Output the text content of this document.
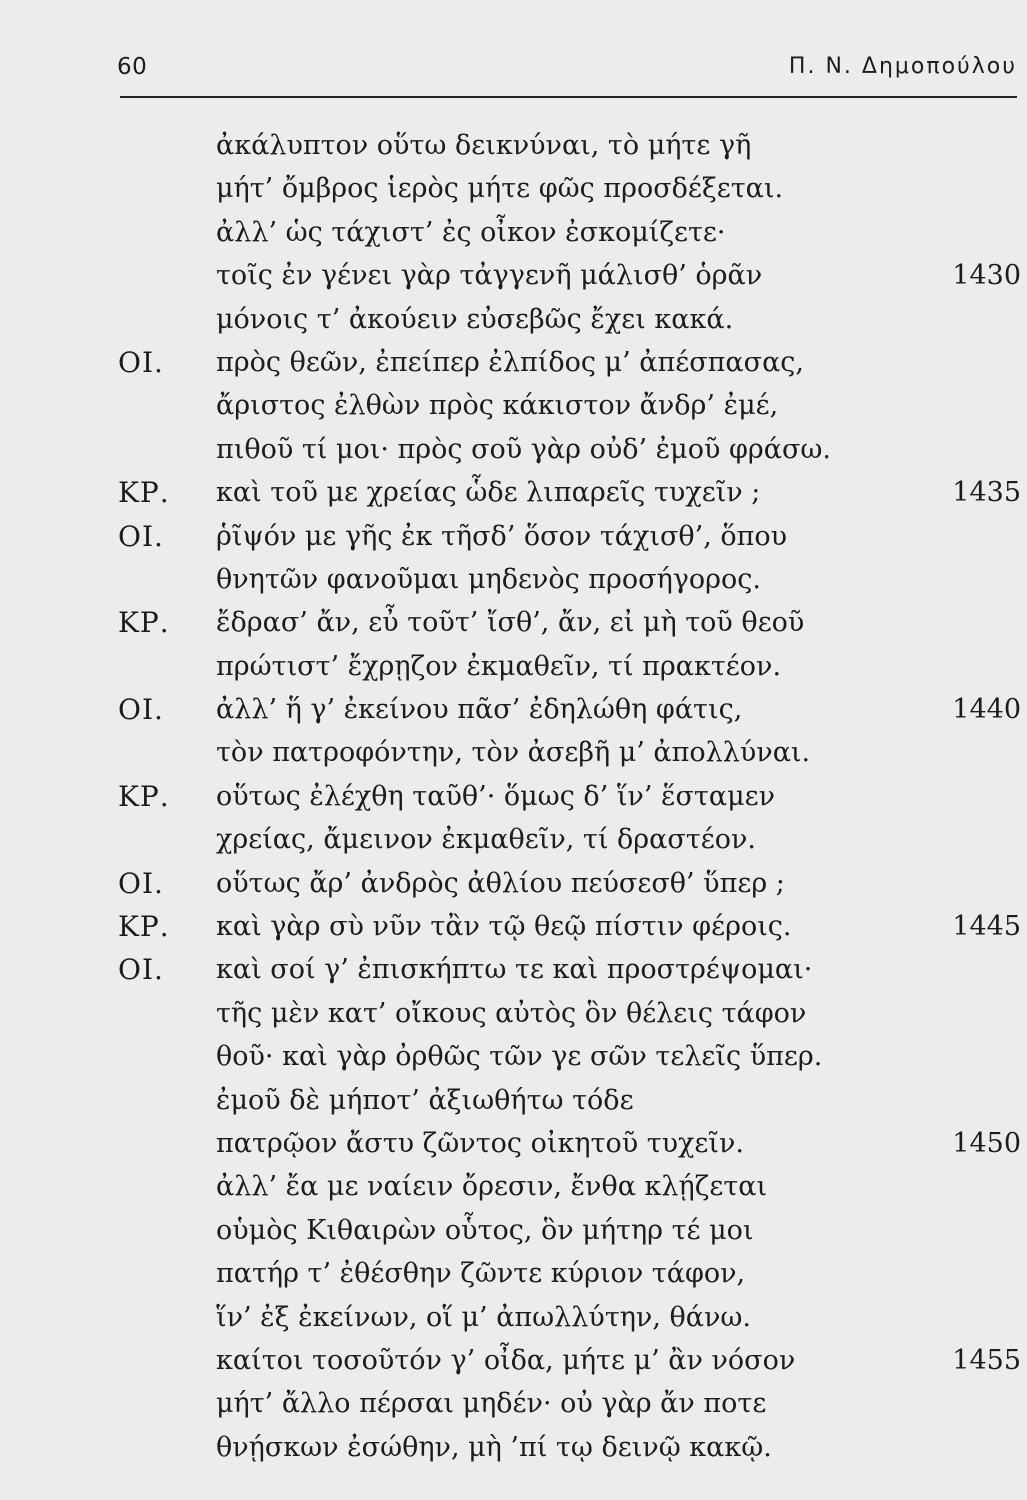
60	Π. Ν. Δημοπούλου
ἀκάλυπτον οὕτω δεικνύναι, τὸ μήτε γῆ
μήτ’ ὄμβρος ἱερὸς μήτε φῶς προσδέξεται.
ἀλλ’ ὡς τάχιστ’ ἐς οἶκον ἐσκομίζετε·
τοῖς ἐν γένει γὰρ τἀγγενῆ μάλισθ’ ὁρᾶν	1430
μόνοις τ’ ἀκούειν εὐσεβῶς ἔχει κακά.
ΟΙ. πρὸς θεῶν, ἐπείπερ ἐλπίδος μ’ ἀπέσπασας,
ἄριστος ἐλθὼν πρὸς κάκιστον ἄνδρ’ ἐμέ,
πιθοῦ τί μοι· πρὸς σοῦ γὰρ οὐδ’ ἐμοῦ φράσω.
ΚΡ. καὶ τοῦ με χρείας ὧδε λιπαρεῖς τυχεῖν ;	1435
ΟΙ. ῥῖψόν με γῆς ἐκ τῆσδ’ ὅσον τάχισθ’, ὅπου
θνητῶν φανοῦμαι μηδενὸς προσήγορος.
ΚΡ. ἔδρασ’ ἄν, εὖ τοῦτ’ ἴσθ’, ἄν, εἰ μὴ τοῦ θεοῦ
πρώτιστ’ ἔχρῃζον ἐκμαθεῖν, τί πρακτέον.
ΟΙ. ἀλλ’ ἥ γ’ ἐκείνου πᾶσ’ ἐδηλώθη φάτις,	1440
τὸν πατροφόντην, τὸν ἀσεβῆ μ’ ἀπολλύναι.
ΚΡ. οὕτως ἐλέχθη ταῦθ’· ὅμως δ’ ἵν’ ἕσταμεν
χρείας, ἄμεινον ἐκμαθεῖν, τί δραστέον.
ΟΙ. οὕτως ἄρ’ ἀνδρὸς ἀθλίου πεύσεσθ’ ὕπερ ;
ΚΡ. καὶ γὰρ σὺ νῦν τἂν τῷ θεῷ πίστιν φέροις.	1445
ΟΙ. καὶ σοί γ’ ἐπισκήπτω τε καὶ προστρέψομαι·
τῆς μὲν κατ’ οἴκους αὐτὸς ὃν θέλεις τάφον
θοῦ· καὶ γὰρ ὀρθῶς τῶν γε σῶν τελεῖς ὕπερ.
ἐμοῦ δὲ μήποτ’ ἀξιωθήτω τόδε
πατρῷον ἄστυ ζῶντος οἰκητοῦ τυχεῖν.	1450
ἀλλ’ ἔα με ναίειν ὄρεσιν, ἔνθα κλῄζεται
οὑμὸς Κιθαιρὼν οὗτος, ὃν μήτηρ τέ μοι
πατήρ τ’ ἐθέσθην ζῶντε κύριον τάφον,
ἵν’ ἐξ ἐκείνων, οἵ μ’ ἀπωλλύτην, θάνω.
καίτοι τοσοῦτόν γ’ οἶδα, μήτε μ’ ἂν νόσον	1455
μήτ’ ἄλλο πέρσαι μηδέν· οὐ γὰρ ἄν ποτε
θνῄσκων ἐσώθην, μὴ ’πί τῳ δεινῷ κακῷ.
